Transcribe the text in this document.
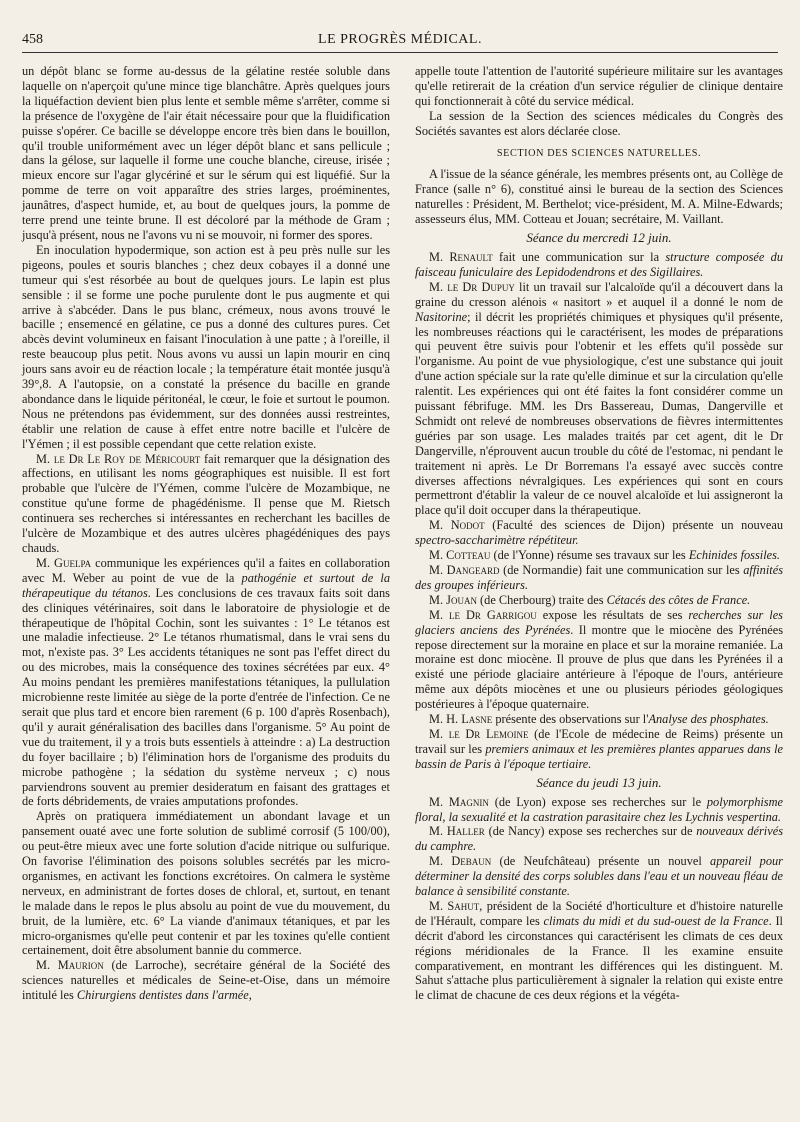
458	LE PROGRÈS MÉDICAL.

un dépôt blanc se forme au-dessus de la gélatine restée soluble dans laquelle on n'aperçoit qu'une mince tige blanchâtre. Après quelques jours la liquéfaction devient bien plus lente et semble même s'arrêter, comme si la présence de l'oxygène de l'air était nécessaire pour que la fluidification puisse s'opérer. Ce bacille se développe encore très bien dans le bouillon, qu'il trouble uniformément avec un léger dépôt blanc et sans pellicule ; dans la gélose, sur laquelle il forme une couche blanche, cireuse, irisée ; mieux encore sur l'agar glycériné et sur le sérum qui est liquéfié. Sur la pomme de terre on voit apparaître des stries larges, proéminentes, jaunâtres, d'aspect humide, et, au bout de quelques jours, la pomme de terre prend une teinte brune. Il est décoloré par la méthode de Gram ; jusqu'à présent, nous ne l'avons vu ni se mouvoir, ni former des spores.

En inoculation hypodermique, son action est à peu près nulle sur les pigeons, poules et souris blanches ; chez deux cobayes il a donné une tumeur qui s'est résorbée au bout de quelques jours. Le lapin est plus sensible : il se forme une poche purulente dont le pus augmente et qui arrive à s'abcéder. Dans le pus blanc, crémeux, nous avons trouvé le bacille ; ensemencé en gélatine, ce pus a donné des cultures pures. Cet abcès devint volumineux en faisant l'inoculation à une patte ; à l'oreille, il reste beaucoup plus petit. Nous avons vu aussi un lapin mourir en cinq jours sans avoir eu de réaction locale ; la température était montée jusqu'à 39°,8. A l'autopsie, on a constaté la présence du bacille en grande abondance dans le liquide péritonéal, le cœur, le foie et surtout le poumon. Nous ne prétendons pas évidemment, sur des données aussi restreintes, établir une relation de cause à effet entre notre bacille et l'ulcère de l'Yémen ; il est possible cependant que cette relation existe.

M. le Dr Le Roy de Méricourt fait remarquer que la désignation des affections, en utilisant les noms géographiques est nuisible. Il est fort probable que l'ulcère de l'Yémen, comme l'ulcère de Mozambique, ne constitue qu'une forme de phagédénisme. Il pense que M. Rietsch continuera ses recherches si intéressantes en recherchant les bacilles de l'ulcère de Mozambique et des autres ulcères phagédéniques des pays chauds.

M. Guelpa communique les expériences qu'il a faites en collaboration avec M. Weber au point de vue de la pathogénie et surtout de la thérapeutique du tétanos. Les conclusions de ces travaux faits soit dans des cliniques vétérinaires, soit dans le laboratoire de physiologie et de thérapeutique de l'hôpital Cochin, sont les suivantes : 1° Le tétanos est une maladie infectieuse. 2° Le tétanos rhumatismal, dans le vrai sens du mot, n'existe pas. 3° Les accidents tétaniques ne sont pas l'effet direct du ou des microbes, mais la conséquence des toxines sécrétées par eux. 4° Au moins pendant les premières manifestations tétaniques, la pullulation microbienne reste limitée au siège de la porte d'entrée de l'infection. Ce ne serait que plus tard et encore bien rarement (6 p. 100 d'après Rosenbach), qu'il y aurait généralisation des bacilles dans l'organisme. 5° Au point de vue du traitement, il y a trois buts essentiels à atteindre : a) La destruction du foyer bacillaire ; b) l'élimination hors de l'organisme des produits du microbe pathogène ; la sédation du système nerveux ; c) nous parviendrons souvent au premier desideratum en faisant des grattages et de forts débridements, de vraies amputations profondes.

Après on pratiquera immédiatement un abondant lavage et un pansement ouaté avec une forte solution de sublimé corrosif (5 100/00), ou peut-être mieux avec une forte solution d'acide nitrique ou sulfurique. On favorise l'élimination des poisons solubles secrétés par les micro-organismes, en activant les fonctions excrétoires. On calmera le système nerveux, en administrant de fortes doses de chloral, et, surtout, en tenant le malade dans le repos le plus absolu au point de vue du mouvement, du bruit, de la lumière, etc. 6° La viande d'animaux tétaniques, et par les micro-organismes qu'elle peut contenir et par les toxines qu'elle contient certainement, doit être absolument bannie du commerce.

M. Maurion (de Larroche), secrétaire général de la Société des sciences naturelles et médicales de Seine-et-Oise, dans un mémoire intitulé les Chirurgiens dentistes dans l'armée,

appelle toute l'attention de l'autorité supérieure militaire sur les avantages qu'elle retirerait de la création d'un service régulier de clinique dentaire qui fonctionnerait à côté du service médical.

La session de la Section des sciences médicales du Congrès des Sociétés savantes est alors déclarée close.

SECTION DES SCIENCES NATURELLES.

A l'issue de la séance générale, les membres présents ont, au Collège de France (salle n° 6), constitué ainsi le bureau de la section des Sciences naturelles : Président, M. Berthelot; vice-président, M. A. Milne-Edwards; assesseurs élus, MM. Cotteau et Jouan; secrétaire, M. Vaillant.

Séance du mercredi 12 juin.

M. Renault fait une communication sur la structure composée du faisceau funiculaire des Lepidodendrons et des Sigillaires.

M. le Dr Dupuy lit un travail sur l'alcaloïde qu'il a découvert dans la graine du cresson alénois « nasitort » et auquel il a donné le nom de Nasitorine; il décrit les propriétés chimiques et physiques qu'il présente, les nombreuses réactions qui le caractérisent, les modes de préparations qui peuvent être suivis pour l'obtenir et les effets qu'il possède sur l'organisme. Au point de vue physiologique, c'est une substance qui jouit d'une action spéciale sur la rate qu'elle diminue et sur la circulation qu'elle ralentit. Les expériences qui ont été faites la font considérer comme un puissant fébrifuge. MM. les Drs Bassereau, Dumas, Dangerville et Schmidt ont relevé de nombreuses observations de fièvres intermittentes guéries par son usage. Les malades traités par cet agent, dit le Dr Dangerville, n'éprouvent aucun trouble du côté de l'estomac, ni pendant le traitement ni après. Le Dr Borremans l'a essayé avec succès contre diverses affections névralgiques. Les expériences qui sont en cours permettront d'établir la valeur de ce nouvel alcaloïde et lui assigneront la place qu'il doit occuper dans la thérapeutique.

M. Nodot (Faculté des sciences de Dijon) présente un nouveau spectro-saccharimètre répétiteur.

M. Cotteau (de l'Yonne) résume ses travaux sur les Echinides fossiles.

M. Dangeard (de Normandie) fait une communication sur les affinités des groupes inférieurs.

M. Jouan (de Cherbourg) traite des Cétacés des côtes de France.

M. le Dr Garrigou expose les résultats de ses recherches sur les glaciers anciens des Pyrénées. Il montre que le miocène des Pyrénées repose directement sur la moraine en place et sur la moraine remaniée. La moraine est donc miocène. Il prouve de plus que dans les Pyrénées il a existé une période glaciaire antérieure à l'époque de l'ours, antérieure même aux dépôts miocènes et une ou plusieurs périodes géologiques postérieures à l'époque quaternaire.

M. H. Lasne présente des observations sur l'Analyse des phosphates.

M. le Dr Lemoine (de l'Ecole de médecine de Reims) présente un travail sur les premiers animaux et les premières plantes apparues dans le bassin de Paris à l'époque tertiaire.

Séance du jeudi 13 juin.

M. Magnin (de Lyon) expose ses recherches sur le polymorphisme floral, la sexualité et la castration parasitaire chez les Lychnis vespertina.

M. Haller (de Nancy) expose ses recherches sur de nouveaux dérivés du camphre.

M. Debaun (de Neufchâteau) présente un nouvel appareil pour déterminer la densité des corps solubles dans l'eau et un nouveau fléau de balance à sensibilité constante.

M. Sahut, président de la Société d'horticulture et d'histoire naturelle de l'Hérault, compare les climats du midi et du sud-ouest de la France. Il décrit d'abord les circonstances qui caractérisent les climats de ces deux régions méridionales de la France. Il les examine ensuite comparativement, en montrant les différences qui les distinguent. M. Sahut s'attache plus particulièrement à signaler la relation qui existe entre le climat de chacune de ces deux régions et la végéta-
